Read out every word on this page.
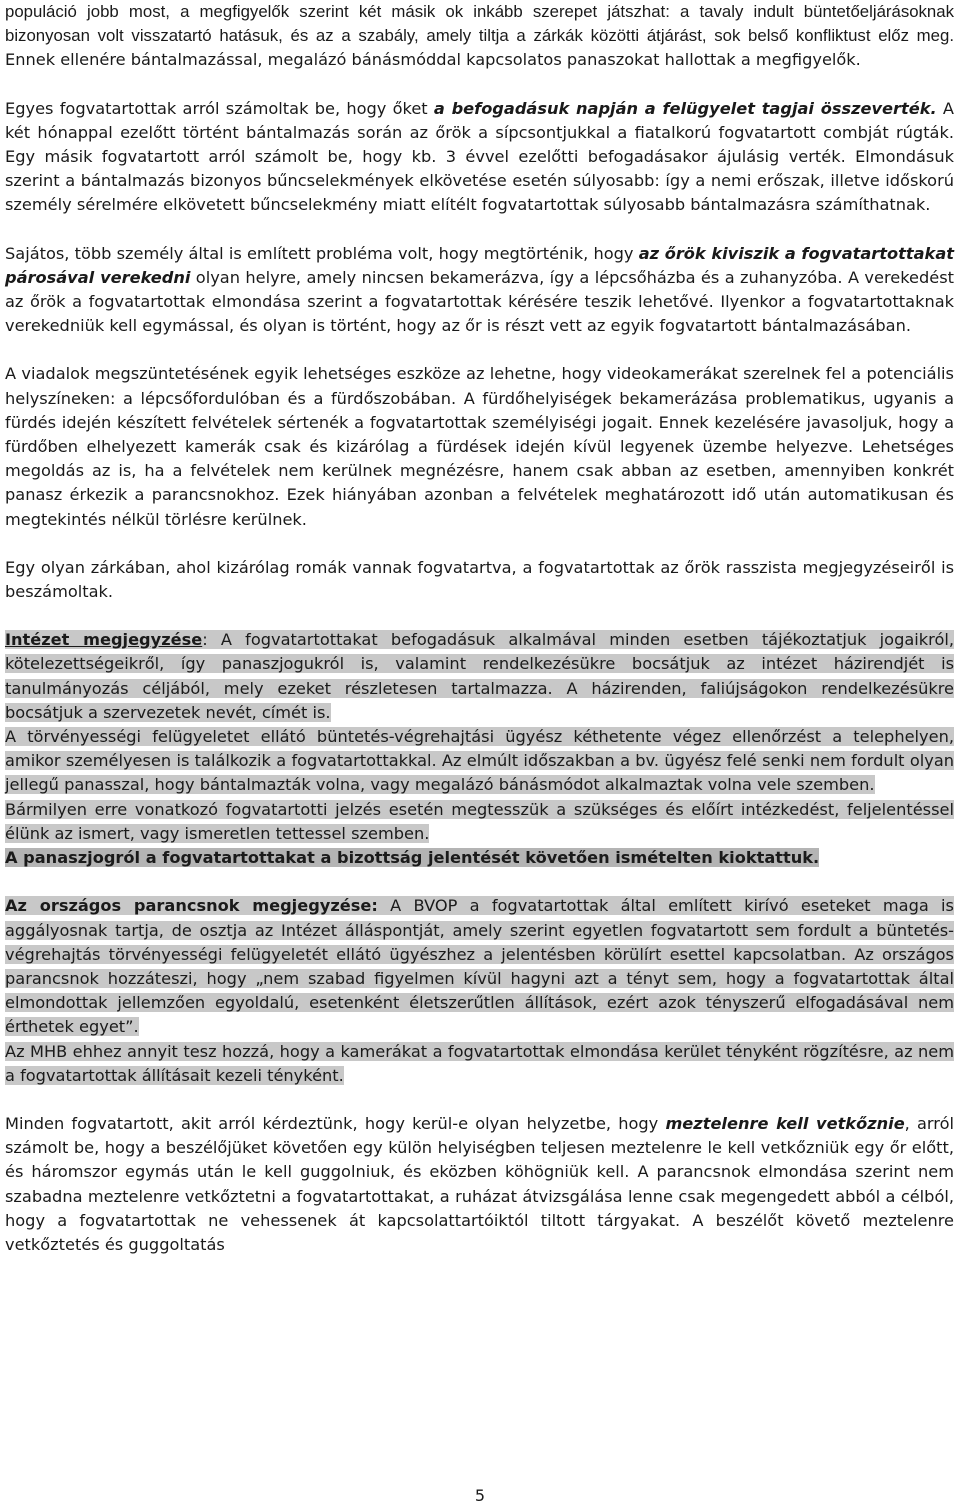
populáció jobb most, a megfigyelők szerint két másik ok inkább szerepet játszhat: a tavaly indult büntetőeljárásoknak bizonyosan volt visszatartó hatásuk, és az a szabály, amely tiltja a zárkák közötti átjárást, sok belső konfliktust előz meg. Ennek ellenére bántalmazással, megalázó bánásmóddal kapcsolatos panaszokat hallottak a megfigyelők.

Egyes fogvatartottak arról számoltak be, hogy őket a befogadásuk napján a felügyelet tagjai összeverték. A két hónappal ezelőtt történt bántalmazás során az őrök a sípcsontjukkal a fiatalkorú fogvatartott combját rúgták. Egy másik fogvatartott arról számolt be, hogy kb. 3 évvel ezelőtti befogadásakor ájulásig verték. Elmondásuk szerint a bántalmazás bizonyos bűncselekmények elkövetése esetén súlyosabb: így a nemi erőszak, illetve időskorú személy sérelmére elkövetett bűncselekmény miatt elítélt fogvatartottak súlyosabb bántalmazásra számíthatnak.

Sajátos, több személy által is említett probléma volt, hogy megtörténik, hogy az őrök kiviszik a fogvatartottakat párosával verekedni olyan helyre, amely nincsen bekamerázva, így a lépcsőházba és a zuhanyzóba. A verekedést az őrök a fogvatartottak elmondása szerint a fogvatartottak kérésére teszik lehetővé. Ilyenkor a fogvatartottaknak verekedniük kell egymással, és olyan is történt, hogy az őr is részt vett az egyik fogvatartott bántalmazásában.

A viadalok megszüntetésének egyik lehetséges eszköze az lehetne, hogy videokamerákat szerelnek fel a potenciális helyszíneken: a lépcsőfordulóban és a fürdőszobában. A fürdőhelyiségek bekamerázása problematikus, ugyanis a fürdés idején készített felvételek sértenék a fogvatartottak személyiségi jogait. Ennek kezelésére javasoljuk, hogy a fürdőben elhelyezett kamerák csak és kizárólag a fürdések idején kívül legyenek üzembe helyezve. Lehetséges megoldás az is, ha a felvételek nem kerülnek megnézésre, hanem csak abban az esetben, amennyiben konkrét panasz érkezik a parancsnokhoz. Ezek hiányában azonban a felvételek meghatározott idő után automatikusan és megtekintés nélkül törlésre kerülnek.

Egy olyan zárkában, ahol kizárólag romák vannak fogvatartva, a fogvatartottak az őrök rasszista megjegyzéseiről is beszámoltak.

Intézet megjegyzése: A fogvatartottakat befogadásuk alkalmával minden esetben tájékoztatjuk jogaikról, kötelezettségeikről, így panaszjogukról is, valamint rendelkezésükre bocsátjuk az intézet házirendjét is tanulmányozás céljából, mely ezeket részletesen tartalmazza. A házirenden, faliújságokon rendelkezésükre bocsátjuk a szervezetek nevét, címét is.

A törvényességi felügyeletet ellátó büntetés-végrehajtási ügyész kéthetente végez ellenőrzést a telephelyen, amikor személyesen is találkozik a fogvatartottakkal. Az elmúlt időszakban a bv. ügyész felé senki nem fordult olyan jellegű panasszal, hogy bántalmazták volna, vagy megalázó bánásmódot alkalmaztak volna vele szemben.

Bármilyen erre vonatkozó fogvatartotti jelzés esetén megtesszük a szükséges és előírt intézkedést, feljelentéssel élünk az ismert, vagy ismeretlen tettessel szemben.

A panaszjogról a fogvatartottakat a bizottság jelentését követően ismételten kioktattuk.

Az országos parancsnok megjegyzése: A BVOP a fogvatartottak által említett kirívó eseteket maga is aggályosnak tartja, de osztja az Intézet álláspontját, amely szerint egyetlen fogvatartott sem fordult a büntetés-végrehajtás törvényességi felügyeletét ellátó ügyészhez a jelentésben körülírt esettel kapcsolatban. Az országos parancsnok hozzáteszi, hogy „nem szabad figyelmen kívül hagyni azt a tényt sem, hogy a fogvatartottak által elmondottak jellemzően egyoldalú, esetenként életszerűtlen állítások, ezért azok tényszerű elfogadásával nem érthetek egyet”.

Az MHB ehhez annyit tesz hozzá, hogy a kamerákat a fogvatartottak elmondása kerület tényként rögzítésre, az nem a fogvatartottak állításait kezeli tényként.

Minden fogvatartott, akit arról kérdeztünk, hogy kerül-e olyan helyzetbe, hogy meztelenre kell vetkőznie, arról számolt be, hogy a beszélőjüket követően egy külön helyiségben teljesen meztelenre le kell vetkőzniük egy őr előtt, és háromszor egymás után le kell guggolniuk, és eközben köhögniük kell. A parancsnok elmondása szerint nem szabadna meztelenre vetkőztetni a fogvatartottakat, a ruházat átvizsgálása lenne csak megengedett abból a célból, hogy a fogvatartottak ne vehessenek át kapcsolattartóiktól tiltott tárgyakat. A beszélőt követő meztelenre vetkőztetés és guggoltatás

5
